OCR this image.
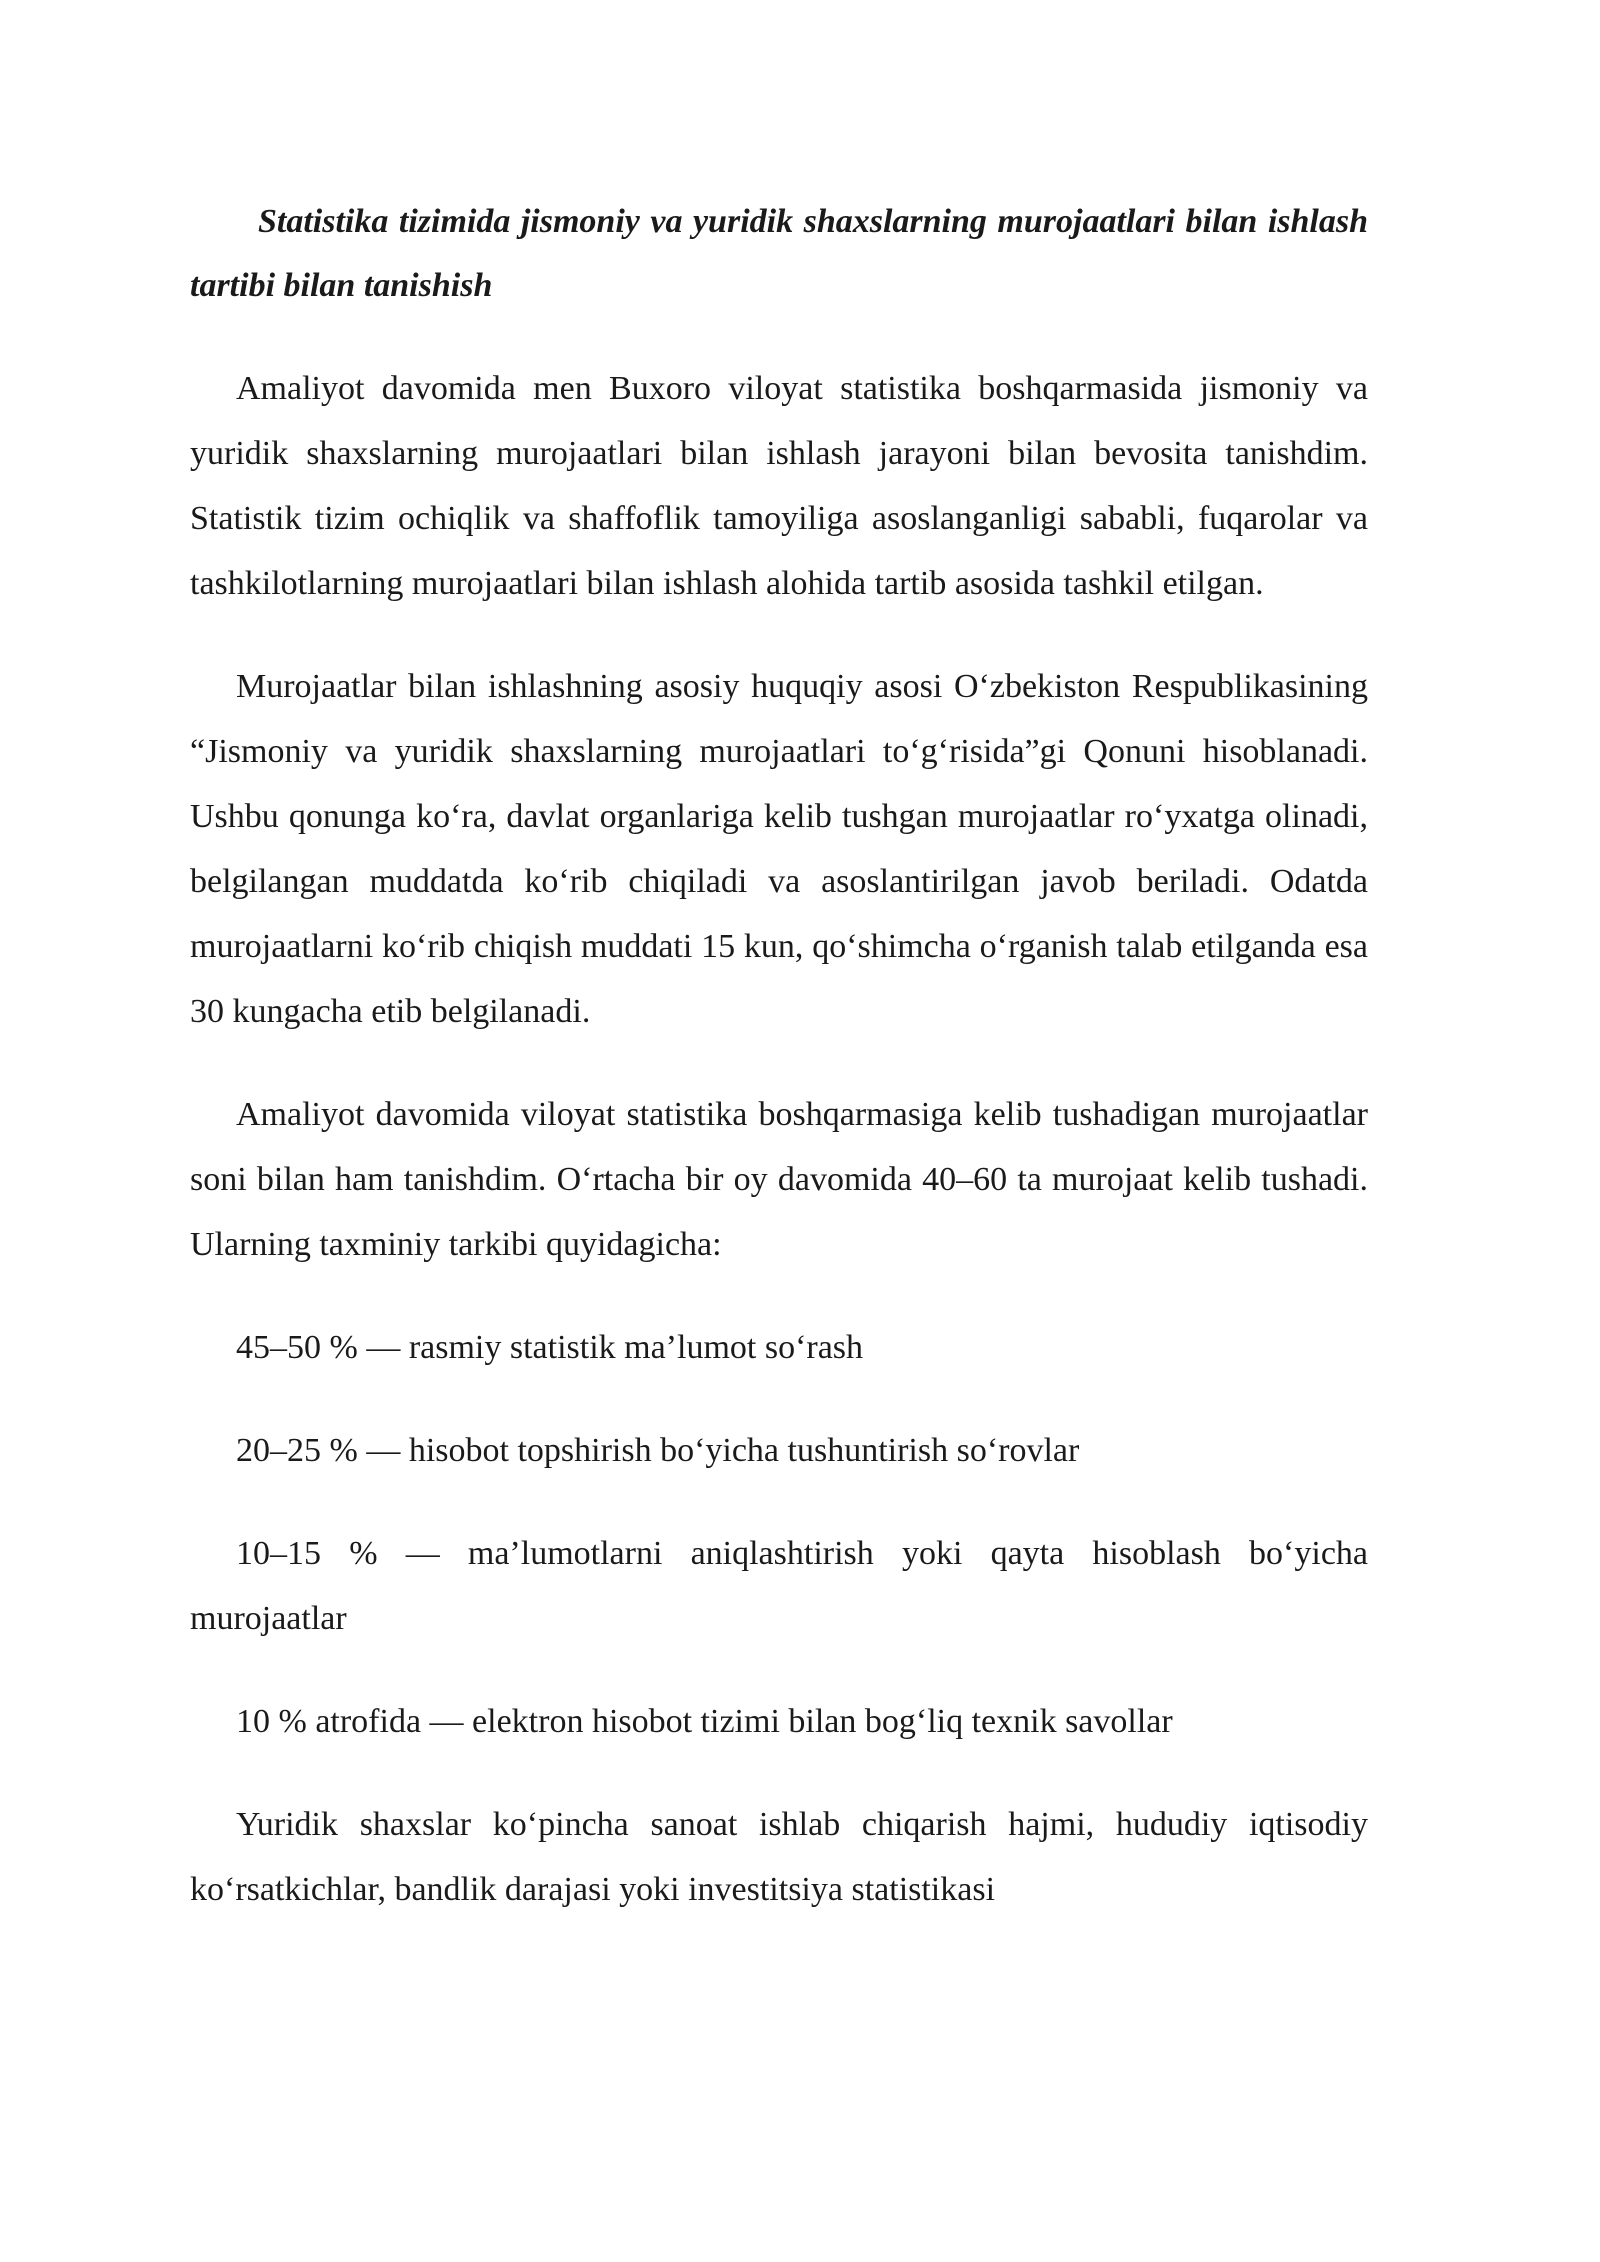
Statistika tizimida jismoniy va yuridik shaxslarning murojaatlari bilan ishlash tartibi bilan tanishish

Amaliyot davomida men Buxoro viloyat statistika boshqarmasida jismoniy va yuridik shaxslarning murojaatlari bilan ishlash jarayoni bilan bevosita tanishdim. Statistik tizim ochiqlik va shaffoflik tamoyiliga asoslanganligi sababli, fuqarolar va tashkilotlarning murojaatlari bilan ishlash alohida tartib asosida tashkil etilgan.

Murojaatlar bilan ishlashning asosiy huquqiy asosi O‘zbekiston Respublikasining “Jismoniy va yuridik shaxslarning murojaatlari to‘g‘risida”gi Qonuni hisoblanadi. Ushbu qonunga ko‘ra, davlat organlariga kelib tushgan murojaatlar ro‘yxatga olinadi, belgilangan muddatda ko‘rib chiqiladi va asoslantirilgan javob beriladi. Odatda murojaatlarni ko‘rib chiqish muddati 15 kun, qo‘shimcha o‘rganish talab etilganda esa 30 kungacha etib belgilanadi.

Amaliyot davomida viloyat statistika boshqarmasiga kelib tushadigan murojaatlar soni bilan ham tanishdim. O‘rtacha bir oy davomida 40–60 ta murojaat kelib tushadi. Ularning taxminiy tarkibi quyidagicha:

45–50 % — rasmiy statistik ma’lumot so‘rash

20–25 % — hisobot topshirish bo‘yicha tushuntirish so‘rovlar

10–15 % — ma’lumotlarni aniqlashtirish yoki qayta hisoblash bo‘yicha murojaatlar

10 % atrofida — elektron hisobot tizimi bilan bog‘liq texnik savollar

Yuridik shaxslar ko‘pincha sanoat ishlab chiqarish hajmi, hududiy iqtisodiy ko‘rsatkichlar, bandlik darajasi yoki investitsiya statistikasi
